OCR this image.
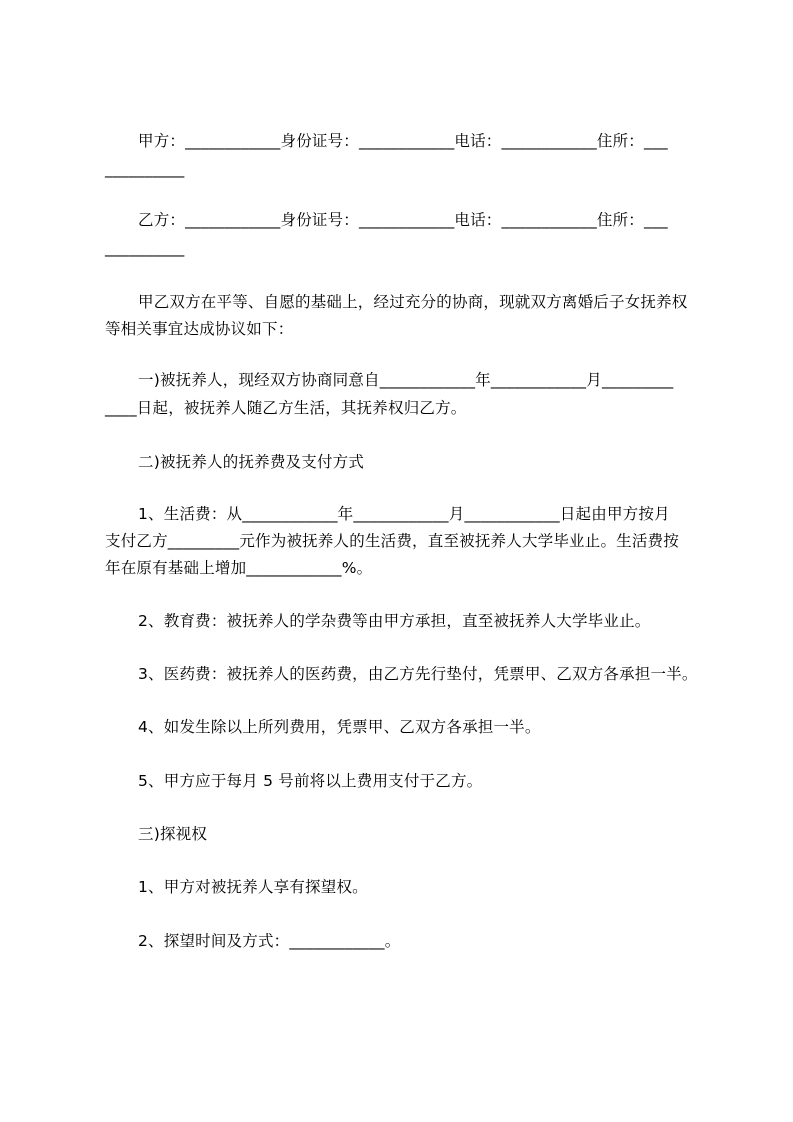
甲方：____________身份证号：____________电话：____________住所：___
__________
乙方：____________身份证号：____________电话：____________住所：___
__________
甲乙双方在平等、自愿的基础上，经过充分的协商，现就双方离婚后子女抚养权
等相关事宜达成协议如下：
一)被抚养人，现经双方协商同意自____________年____________月_________
____日起，被抚养人随乙方生活，其抚养权归乙方。
二)被抚养人的抚养费及支付方式
1、生活费：从____________年____________月____________日起由甲方按月
支付乙方_________元作为被抚养人的生活费，直至被抚养人大学毕业止。生活费按
年在原有基础上增加____________%。
2、教育费：被抚养人的学杂费等由甲方承担，直至被抚养人大学毕业止。
3、医药费：被抚养人的医药费，由乙方先行垫付，凭票甲、乙双方各承担一半。
4、如发生除以上所列费用，凭票甲、乙双方各承担一半。
5、甲方应于每月 5 号前将以上费用支付于乙方。
三)探视权
1、甲方对被抚养人享有探望权。
2、探望时间及方式：____________。
